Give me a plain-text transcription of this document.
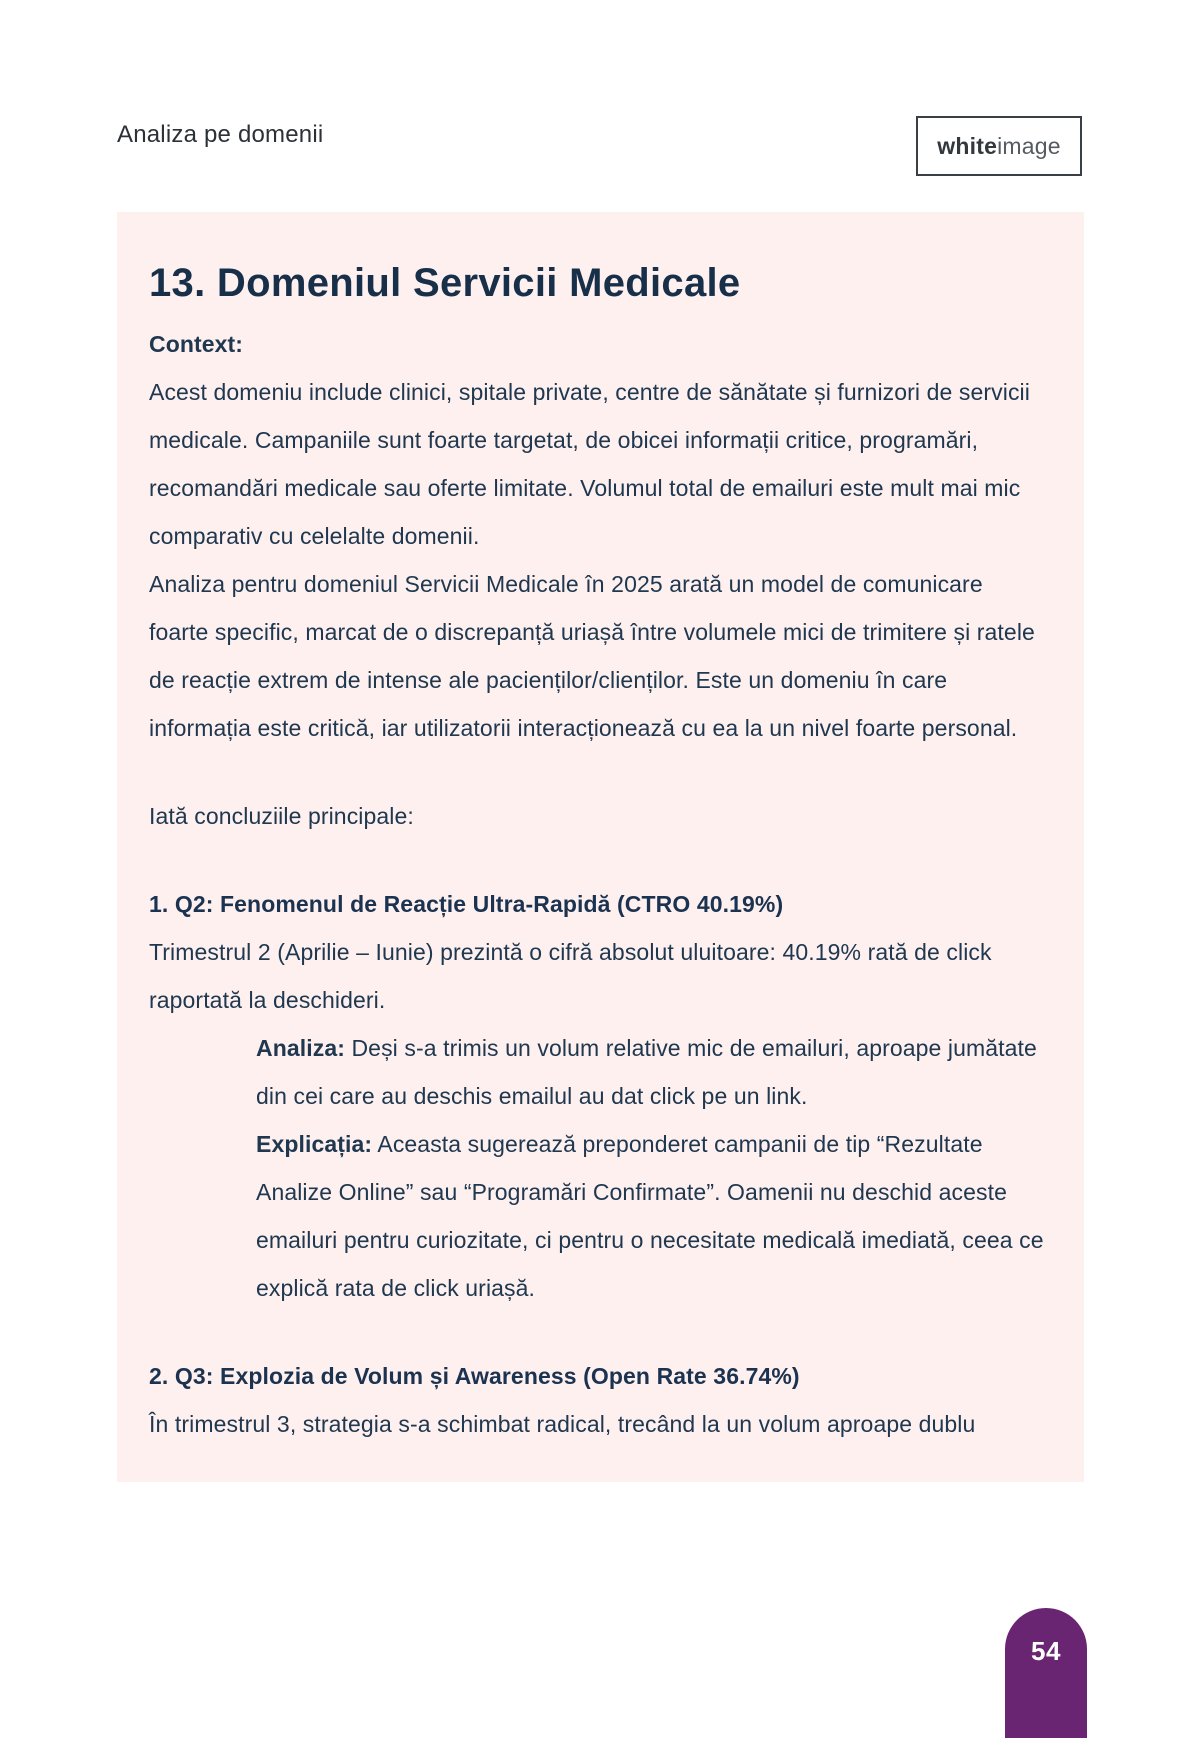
Analiza pe domenii	white image
13. Domeniul Servicii Medicale

Context:

Acest domeniu include clinici, spitale private, centre de sănătate și furnizori de servicii medicale. Campaniile sunt foarte targetat, de obicei informații critice, programări, recomandări medicale sau oferte limitate. Volumul total de emailuri este mult mai mic comparativ cu celelalte domenii.

Analiza pentru domeniul Servicii Medicale în 2025 arată un model de comunicare foarte specific, marcat de o discrepanță uriașă între volumele mici de trimitere și ratele de reacție extrem de intense ale pacienților/clienților. Este un domeniu în care informația este critică, iar utilizatorii interacționează cu ea la un nivel foarte personal.

Iată concluziile principale:

1. Q2: Fenomenul de Reacție Ultra-Rapidă (CTRO 40.19%)

Trimestrul 2 (Aprilie – Iunie) prezintă o cifră absolut uluitoare: 40.19% rată de click raportată la deschideri.

Analiza: Deși s-a trimis un volum relative mic de emailuri, aproape jumătate din cei care au deschis emailul au dat click pe un link.

Explicația: Aceasta sugerează preponderet campanii de tip “Rezultate Analize Online” sau “Programări Confirmate”. Oamenii nu deschid aceste emailuri pentru curiozitate, ci pentru o necesitate medicală imediată, ceea ce explică rata de click uriașă.

2. Q3: Explozia de Volum și Awareness (Open Rate 36.74%)

În trimestrul 3, strategia s-a schimbat radical, trecând la un volum aproape dublu

54
